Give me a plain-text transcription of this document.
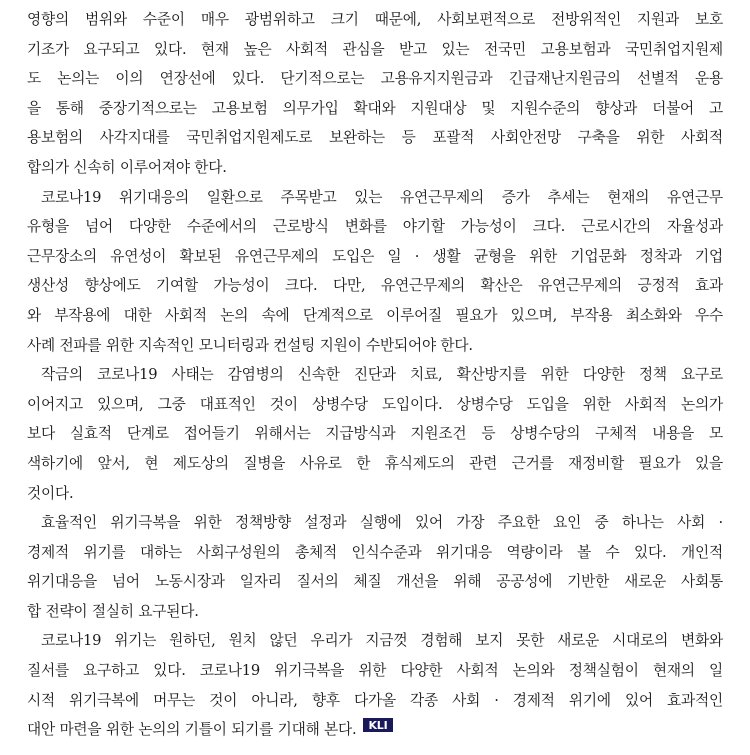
영향의 범위와 수준이 매우 광범위하고 크기 때문에, 사회보편적으로 전방위적인 지원과 보호
기조가 요구되고 있다. 현재 높은 사회적 관심을 받고 있는 전국민 고용보험과 국민취업지원제
도 논의는 이의 연장선에 있다. 단기적으로는 고용유지지원금과 긴급재난지원금의 선별적 운용
을 통해 중장기적으로는 고용보험 의무가입 확대와 지원대상 및 지원수준의 향상과 더불어 고
용보험의 사각지대를 국민취업지원제도로 보완하는 등 포괄적 사회안전망 구축을 위한 사회적
합의가 신속히 이루어져야 한다.
코로나19 위기대응의 일환으로 주목받고 있는 유연근무제의 증가 추세는 현재의 유연근무
유형을 넘어 다양한 수준에서의 근로방식 변화를 야기할 가능성이 크다. 근로시간의 자율성과
근무장소의 유연성이 확보된 유연근무제의 도입은 일 · 생활 균형을 위한 기업문화 정착과 기업
생산성 향상에도 기여할 가능성이 크다. 다만, 유연근무제의 확산은 유연근무제의 긍정적 효과
와 부작용에 대한 사회적 논의 속에 단계적으로 이루어질 필요가 있으며, 부작용 최소화와 우수
사례 전파를 위한 지속적인 모니터링과 컨설팅 지원이 수반되어야 한다.
작금의 코로나19 사태는 감염병의 신속한 진단과 치료, 확산방지를 위한 다양한 정책 요구로
이어지고 있으며, 그중 대표적인 것이 상병수당 도입이다. 상병수당 도입을 위한 사회적 논의가
보다 실효적 단계로 접어들기 위해서는 지급방식과 지원조건 등 상병수당의 구체적 내용을 모
색하기에 앞서, 현 제도상의 질병을 사유로 한 휴식제도의 관련 근거를 재정비할 필요가 있을
것이다.
효율적인 위기극복을 위한 정책방향 설정과 실행에 있어 가장 주요한 요인 중 하나는 사회 ·
경제적 위기를 대하는 사회구성원의 총체적 인식수준과 위기대응 역량이라 볼 수 있다. 개인적
위기대응을 넘어 노동시장과 일자리 질서의 체질 개선을 위해 공공성에 기반한 새로운 사회통
합 전략이 절실히 요구된다.
코로나19 위기는 원하던, 원치 않던 우리가 지금껏 경험해 보지 못한 새로운 시대로의 변화와
질서를 요구하고 있다. 코로나19 위기극복을 위한 다양한 사회적 논의와 정책실험이 현재의 일
시적 위기극복에 머무는 것이 아니라, 향후 다가올 각종 사회 · 경제적 위기에 있어 효과적인
대안 마련을 위한 논의의 기틀이 되기를 기대해 본다. KLI
